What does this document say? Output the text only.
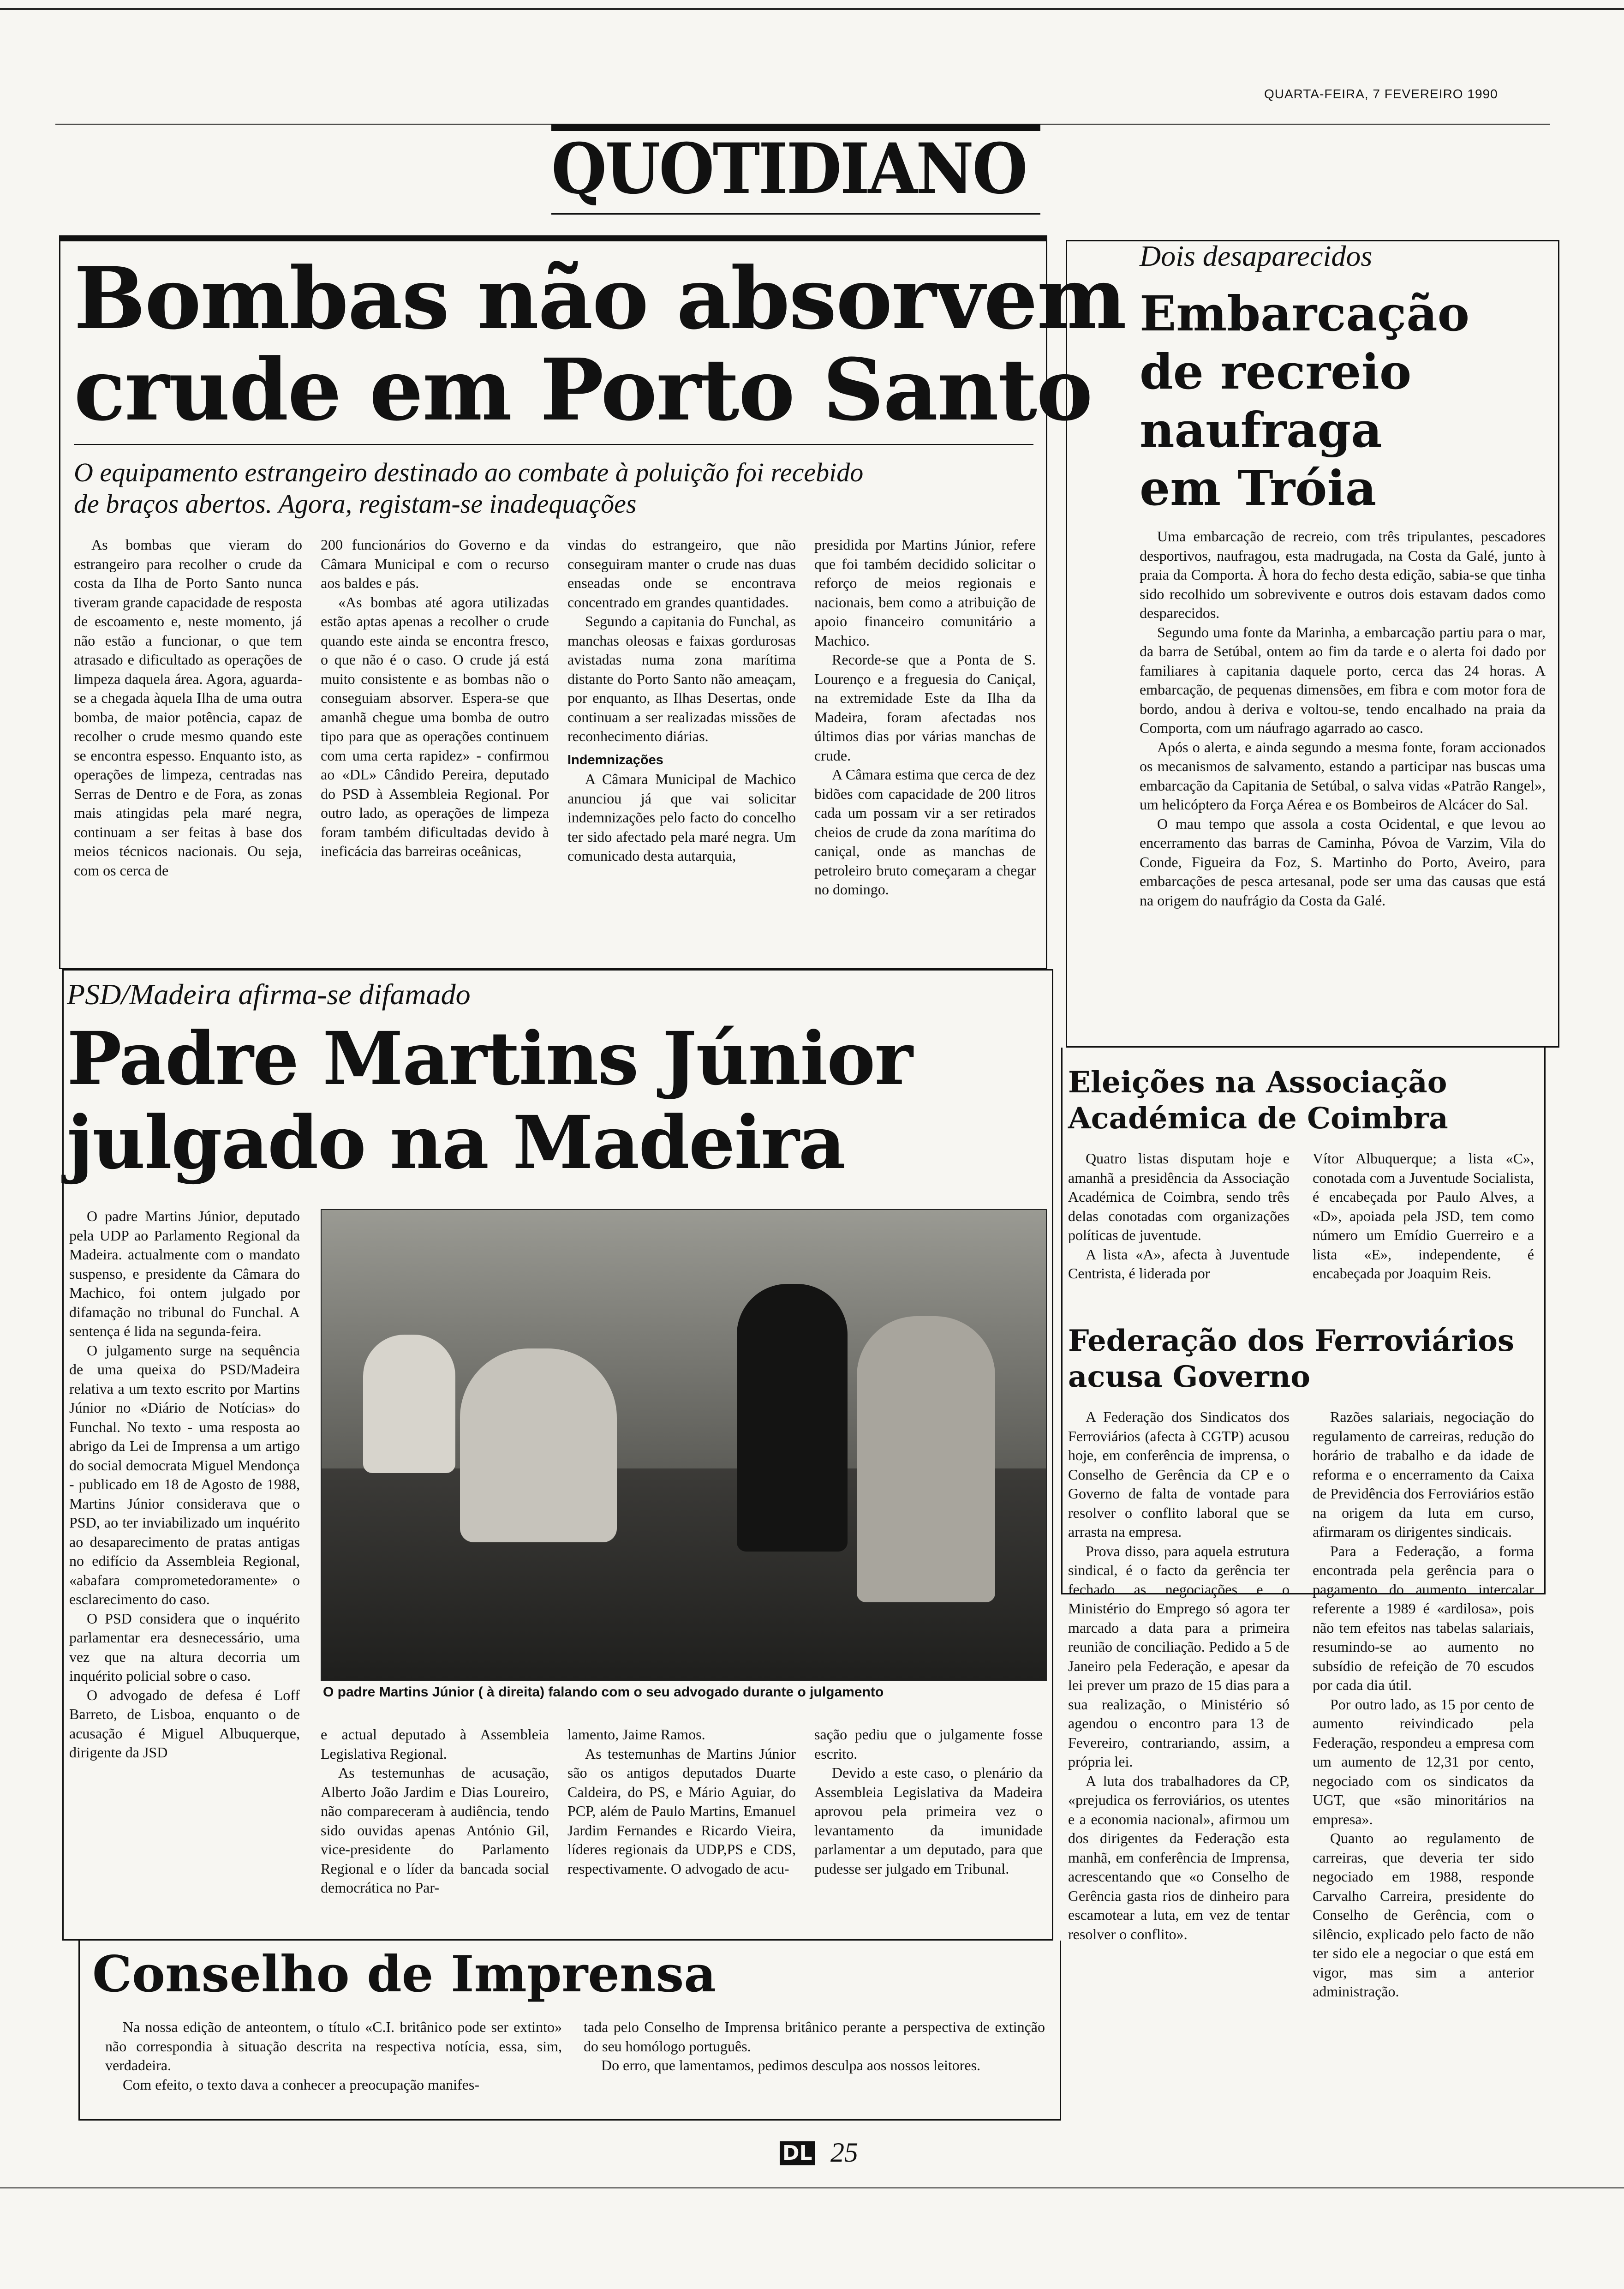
QUARTA-FEIRA, 7 FEVEREIRO 1990
QUOTIDIANO
Bombas não absorvem
crude em Porto Santo
O equipamento estrangeiro destinado ao combate à poluição foi recebido
de braços abertos. Agora, registam-se inadequações

As bombas que vieram do estrangeiro para recolher o crude da costa da Ilha de Porto Santo nunca tiveram grande capacidade de resposta de escoamento e, neste momento, já não estão a funcionar, o que tem atrasado e dificultado as operações de limpeza daquela área. Agora, aguarda-se a chegada àquela Ilha de uma outra bomba, de maior potência, capaz de recolher o crude mesmo quando este se encontra espesso. Enquanto isto, as operações de limpeza, centradas nas Serras de Dentro e de Fora, as zonas mais atingidas pela maré negra, continuam a ser feitas à base dos meios técnicos nacionais. Ou seja, com os cerca de

200 funcionários do Governo e da Câmara Municipal e com o recurso aos baldes e pás.

«As bombas até agora utilizadas estão aptas apenas a recolher o crude quando este ainda se encontra fresco, o que não é o caso. O crude já está muito consistente e as bombas não o conseguiam absorver. Espera-se que amanhã chegue uma bomba de outro tipo para que as operações continuem com uma certa rapidez» - confirmou ao «DL» Cândido Pereira, deputado do PSD à Assembleia Regional. Por outro lado, as operações de limpeza foram também dificultadas devido à ineficácia das barreiras oceânicas,

vindas do estrangeiro, que não conseguiram manter o crude nas duas enseadas onde se encontrava concentrado em grandes quantidades.

Segundo a capitania do Funchal, as manchas oleosas e faixas gordurosas avistadas numa zona marítima distante do Porto Santo não ameaçam, por enquanto, as Ilhas Desertas, onde continuam a ser realizadas missões de reconhecimento diárias.

Indemnizações

A Câmara Municipal de Machico anunciou já que vai solicitar indemnizações pelo facto do concelho ter sido afectado pela maré negra. Um comunicado desta autarquia,

presidida por Martins Júnior, refere que foi também decidido solicitar o reforço de meios regionais e nacionais, bem como a atribuição de apoio financeiro comunitário a Machico.

Recorde-se que a Ponta de S. Lourenço e a freguesia do Caniçal, na extremidade Este da Ilha da Madeira, foram afectadas nos últimos dias por várias manchas de crude.

A Câmara estima que cerca de dez bidões com capacidade de 200 litros cada um possam vir a ser retirados cheios de crude da zona marítima do caniçal, onde as manchas de petroleiro bruto começaram a chegar no domingo.

Dois desaparecidos
Embarcação
de recreio
naufraga
em Tróia

Uma embarcação de recreio, com três tripulantes, pescadores desportivos, naufragou, esta madrugada, na Costa da Galé, junto à praia da Comporta. À hora do fecho desta edição, sabia-se que tinha sido recolhido um sobrevivente e outros dois estavam dados como desparecidos.

Segundo uma fonte da Marinha, a embarcação partiu para o mar, da barra de Setúbal, ontem ao fim da tarde e o alerta foi dado por familiares à capitania daquele porto, cerca das 24 horas. A embarcação, de pequenas dimensões, em fibra e com motor fora de bordo, andou à deriva e voltou-se, tendo encalhado na praia da Comporta, com um náufrago agarrado ao casco.

Após o alerta, e ainda segundo a mesma fonte, foram accionados os mecanismos de salvamento, estando a participar nas buscas uma embarcação da Capitania de Setúbal, o salva vidas «Patrão Rangel», um helicóptero da Força Aérea e os Bombeiros de Alcácer do Sal.

O mau tempo que assola a costa Ocidental, e que levou ao encerramento das barras de Caminha, Póvoa de Varzim, Vila do Conde, Figueira da Foz, S. Martinho do Porto, Aveiro, para embarcações de pesca artesanal, pode ser uma das causas que está na origem do naufrágio da Costa da Galé.

PSD/Madeira afirma-se difamado
Padre Martins Júnior
julgado na Madeira

O padre Martins Júnior, deputado pela UDP ao Parlamento Regional da Madeira. actualmente com o mandato suspenso, e presidente da Câmara do Machico, foi ontem julgado por difamação no tribunal do Funchal. A sentença é lida na segunda-feira.

O julgamento surge na sequência de uma queixa do PSD/Madeira relativa a um texto escrito por Martins Júnior no «Diário de Notícias» do Funchal. No texto - uma resposta ao abrigo da Lei de Imprensa a um artigo do social democrata Miguel Mendonça - publicado em 18 de Agosto de 1988, Martins Júnior considerava que o PSD, ao ter inviabilizado um inquérito ao desaparecimento de pratas antigas no edifício da Assembleia Regional, «abafara comprometedoramente» o esclarecimento do caso.

O PSD considera que o inquérito parlamentar era desnecessário, uma vez que na altura decorria um inquérito policial sobre o caso.

O advogado de defesa é Loff Barreto, de Lisboa, enquanto o de acusação é Miguel Albuquerque, dirigente da JSD

O padre Martins Júnior ( à direita) falando com o seu advogado durante o julgamento

e actual deputado à Assembleia Legislativa Regional.

As testemunhas de acusação, Alberto João Jardim e Dias Loureiro, não compareceram à audiência, tendo sido ouvidas apenas António Gil, vice-presidente do Parlamento Regional e o líder da bancada social democrática no Par-

lamento, Jaime Ramos.

As testemunhas de Martins Júnior são os antigos deputados Duarte Caldeira, do PS, e Mário Aguiar, do PCP, além de Paulo Martins, Emanuel Jardim Fernandes e Ricardo Vieira, líderes regionais da UDP,PS e CDS, respectivamente. O advogado de acu-

sação pediu que o julgamente fosse escrito.

Devido a este caso, o plenário da Assembleia Legislativa da Madeira aprovou pela primeira vez o levantamento da imunidade parlamentar a um deputado, para que pudesse ser julgado em Tribunal.

Eleições na Associação
Académica de Coimbra

Quatro listas disputam hoje e amanhã a presidência da Associação Académica de Coimbra, sendo três delas conotadas com organizações políticas de juventude.

A lista «A», afecta à Juventude Centrista, é liderada por

Vítor Albuquerque; a lista «C», conotada com a Juventude Socialista, é encabeçada por Paulo Alves, a «D», apoiada pela JSD, tem como número um Emídio Guerreiro e a lista «E», independente, é encabeçada por Joaquim Reis.

Federação dos Ferroviários
acusa Governo

A Federação dos Sindicatos dos Ferroviários (afecta à CGTP) acusou hoje, em conferência de imprensa, o Conselho de Gerência da CP e o Governo de falta de vontade para resolver o conflito laboral que se arrasta na empresa.

Prova disso, para aquela estrutura sindical, é o facto da gerência ter fechado as negociações e o Ministério do Emprego só agora ter marcado a data para a primeira reunião de conciliação. Pedido a 5 de Janeiro pela Federação, e apesar da lei prever um prazo de 15 dias para a sua realização, o Ministério só agendou o encontro para 13 de Fevereiro, contrariando, assim, a própria lei.

A luta dos trabalhadores da CP, «prejudica os ferroviários, os utentes e a economia nacional», afirmou um dos dirigentes da Federação esta manhã, em conferência de Imprensa, acrescentando que «o Conselho de Gerência gasta rios de dinheiro para escamotear a luta, em vez de tentar resolver o conflito».

Razões salariais, negociação do regulamento de carreiras, redução do horário de trabalho e da idade de reforma e o encerramento da Caixa de Previdência dos Ferroviários estão na origem da luta em curso, afirmaram os dirigentes sindicais.

Para a Federação, a forma encontrada pela gerência para o pagamento do aumento intercalar referente a 1989 é «ardilosa», pois não tem efeitos nas tabelas salariais, resumindo-se ao aumento no subsídio de refeição de 70 escudos por cada dia útil.

Por outro lado, as 15 por cento de aumento reivindicado pela Federação, respondeu a empresa com um aumento de 12,31 por cento, negociado com os sindicatos da UGT, que «são minoritários na empresa».

Quanto ao regulamento de carreiras, que deveria ter sido negociado em 1988, responde Carvalho Carreira, presidente do Conselho de Gerência, com o silêncio, explicado pelo facto de não ter sido ele a negociar o que está em vigor, mas sim a anterior administração.

Conselho de Imprensa

Na nossa edição de anteontem, o título «C.I. britânico pode ser extinto» não correspondia à situação descrita na respectiva notícia, essa, sim, verdadeira.

Com efeito, o texto dava a conhecer a preocupação manifes-

tada pelo Conselho de Imprensa britânico perante a perspectiva de extinção do seu homólogo português.

Do erro, que lamentamos, pedimos desculpa aos nossos leitores.

DL 25
